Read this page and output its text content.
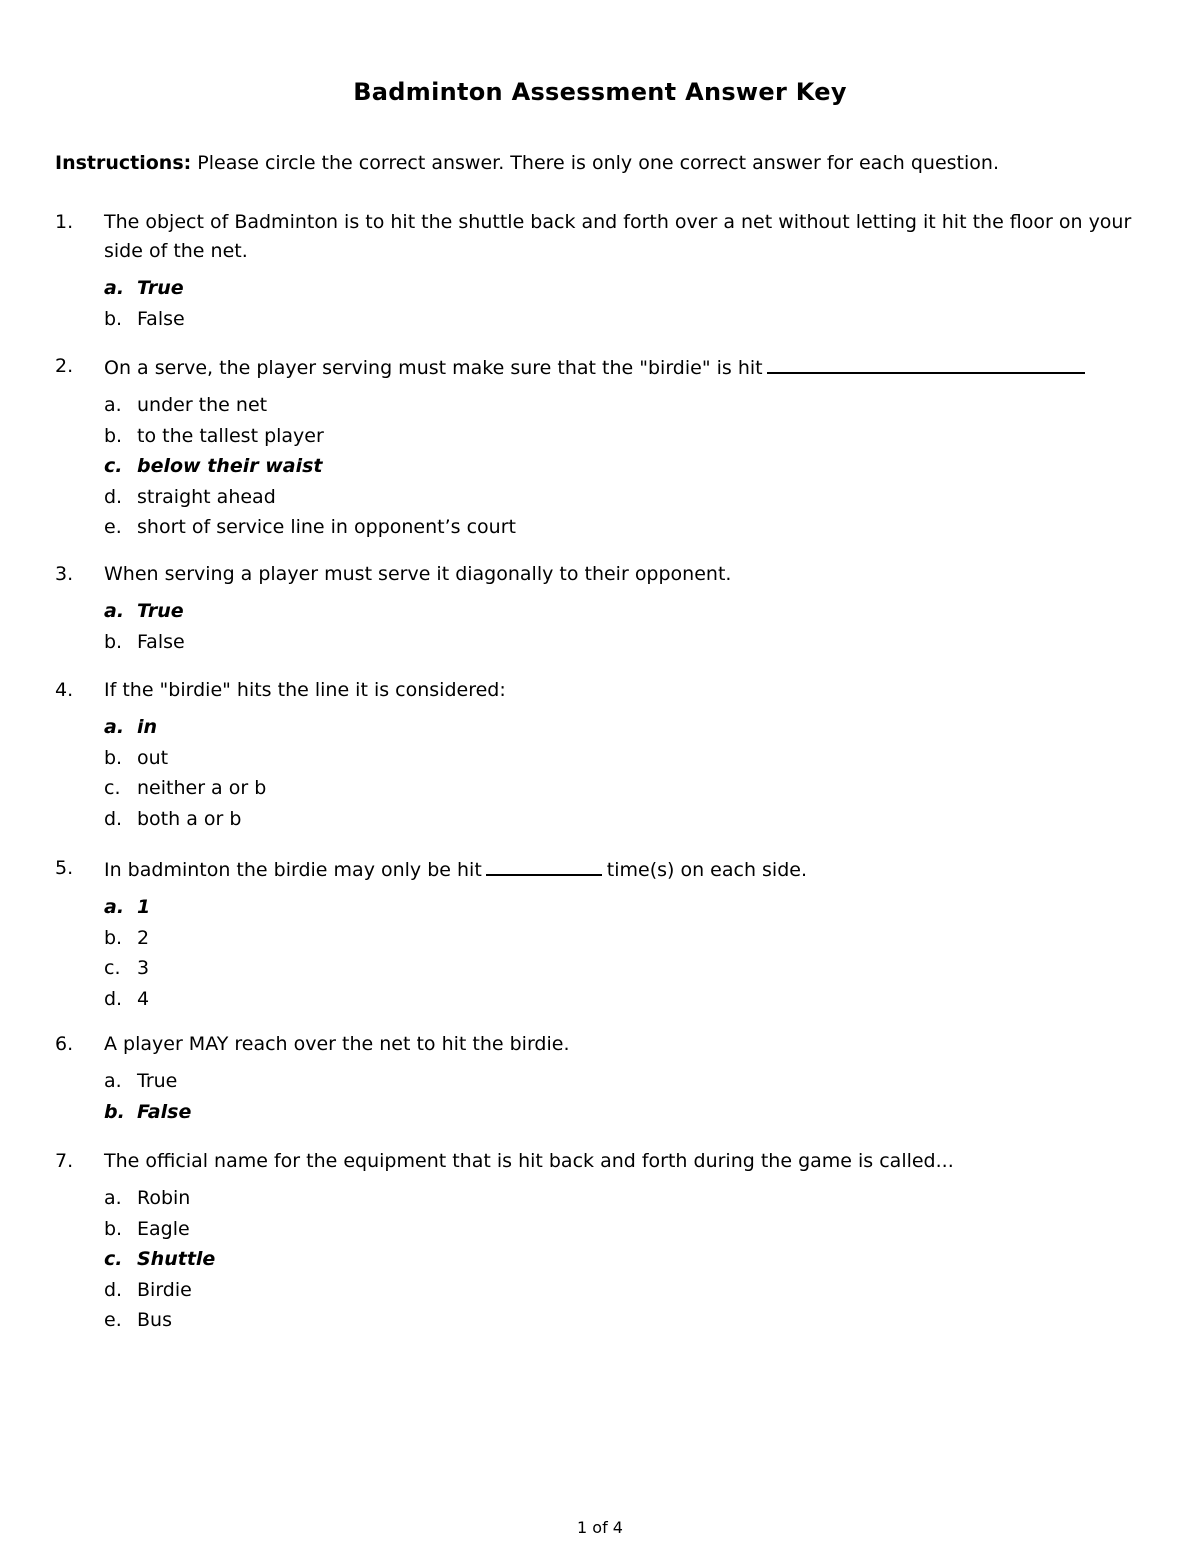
Badminton Assessment Answer Key
Instructions: Please circle the correct answer. There is only one correct answer for each question.
1.	The object of Badminton is to hit the shuttle back and forth over a net without letting it hit the floor on your side of the net.
a. True
b. False
2.	On a serve, the player serving must make sure that the "birdie" is hit
a. under the net
b. to the tallest player
c. below their waist
d. straight ahead
e. short of service line in opponent’s court
3.	When serving a player must serve it diagonally to their opponent.
a. True
b. False
4.	If the "birdie" hits the line it is considered:
a. in
b. out
c. neither a or b
d. both a or b
5.	In badminton the birdie may only be hit	time(s) on each side.
a. 1
b. 2
c. 3
d. 4
6.	A player MAY reach over the net to hit the birdie.
a. True
b. False
7.	The official name for the equipment that is hit back and forth during the game is called...
a. Robin
b. Eagle
c. Shuttle
d. Birdie
e. Bus
1 of 4
